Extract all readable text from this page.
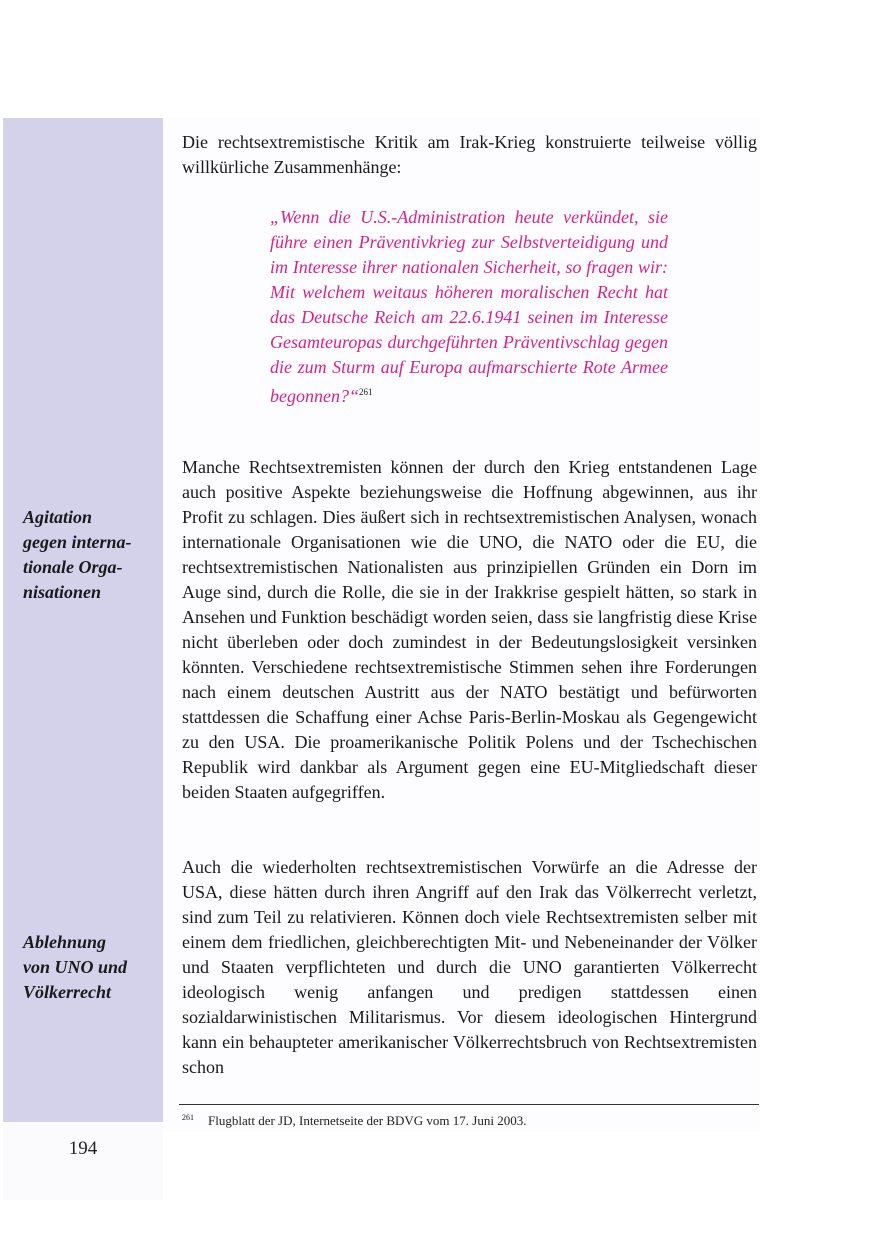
Agitation
gegen interna-
tionale Orga-
nisationen
Ablehnung
von UNO und
Völkerrecht

Die rechtsextremistische Kritik am Irak-Krieg konstruierte teilweise völlig willkürliche Zusammenhänge:

„Wenn die U.S.-Administration heute verkündet, sie führe einen Präventivkrieg zur Selbstverteidigung und im Interesse ihrer nationalen Sicherheit, so fragen wir: Mit welchem weitaus höheren moralischen Recht hat das Deutsche Reich am 22.6.1941 seinen im Interesse Gesamteuropas durchgeführten Präventivschlag gegen die zum Sturm auf Europa aufmarschierte Rote Armee begonnen?“$^{261}$

Manche Rechtsextremisten können der durch den Krieg entstandenen Lage auch positive Aspekte beziehungsweise die Hoffnung abgewinnen, aus ihr Profit zu schlagen. Dies äußert sich in rechtsextremistischen Analysen, wonach internationale Organisationen wie die UNO, die NATO oder die EU, die rechtsextremistischen Nationalisten aus prinzipiellen Gründen ein Dorn im Auge sind, durch die Rolle, die sie in der Irakkrise gespielt hätten, so stark in Ansehen und Funktion beschädigt worden seien, dass sie langfristig diese Krise nicht überleben oder doch zumindest in der Bedeutungslosigkeit versinken könnten. Verschiedene rechtsextremistische Stimmen sehen ihre Forderungen nach einem deutschen Austritt aus der NATO bestätigt und befürworten stattdessen die Schaffung einer Achse Paris-Berlin-Moskau als Gegengewicht zu den USA. Die proamerikanische Politik Polens und der Tschechischen Republik wird dankbar als Argument gegen eine EU-Mitgliedschaft dieser beiden Staaten aufgegriffen.

Auch die wiederholten rechtsextremistischen Vorwürfe an die Adresse der USA, diese hätten durch ihren Angriff auf den Irak das Völkerrecht verletzt, sind zum Teil zu relativieren. Können doch viele Rechtsextremisten selber mit einem dem friedlichen, gleichberechtigten Mit- und Nebeneinander der Völker und Staaten verpflichteten und durch die UNO garantierten Völkerrecht ideologisch wenig anfangen und predigen stattdessen einen sozialdarwinistischen Militarismus. Vor diesem ideologischen Hintergrund kann ein behaupteter amerikanischer Völkerrechtsbruch von Rechtsextremisten schon

$^{261}$ Flugblatt der JD, Internetseite der BDVG vom 17. Juni 2003.
194
